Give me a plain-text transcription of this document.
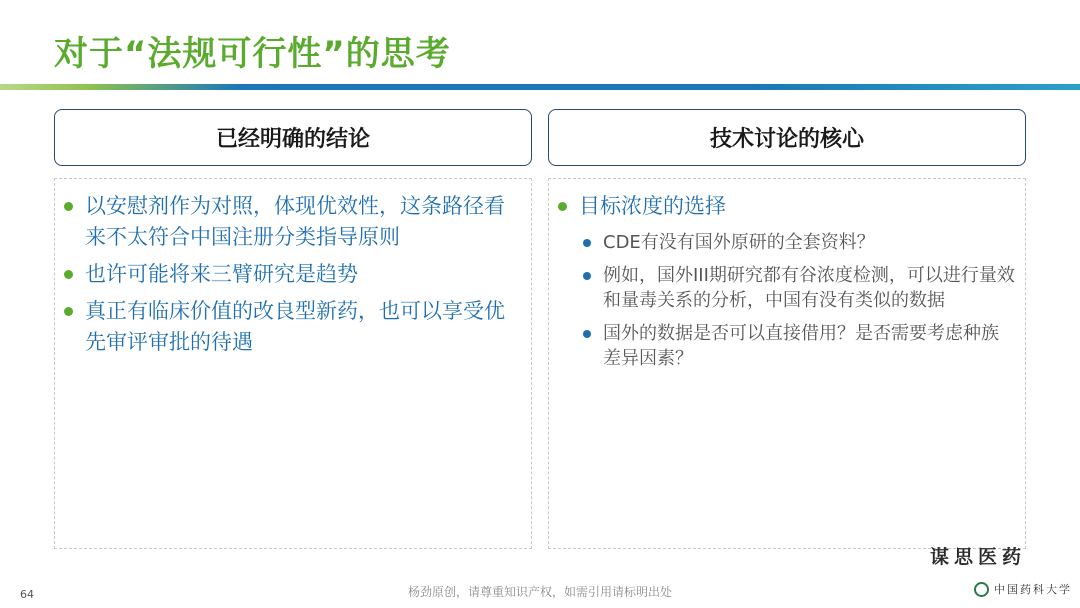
对于“法规可行性”的思考
已经明确的结论
以安慰剂作为对照，体现优效性，这条路径看来不太符合中国注册分类指导原则
也许可能将来三臂研究是趋势
真正有临床价值的改良型新药，也可以享受优先审评审批的待遇
技术讨论的核心
目标浓度的选择
CDE有没有国外原研的全套资料？
例如，国外III期研究都有谷浓度检测，可以进行量效和量毒关系的分析，中国有没有类似的数据
国外的数据是否可以直接借用？是否需要考虑种族差异因素？
64	杨劲原创，请尊重知识产权，如需引用请标明出处
谋思医药
中国药科大学
